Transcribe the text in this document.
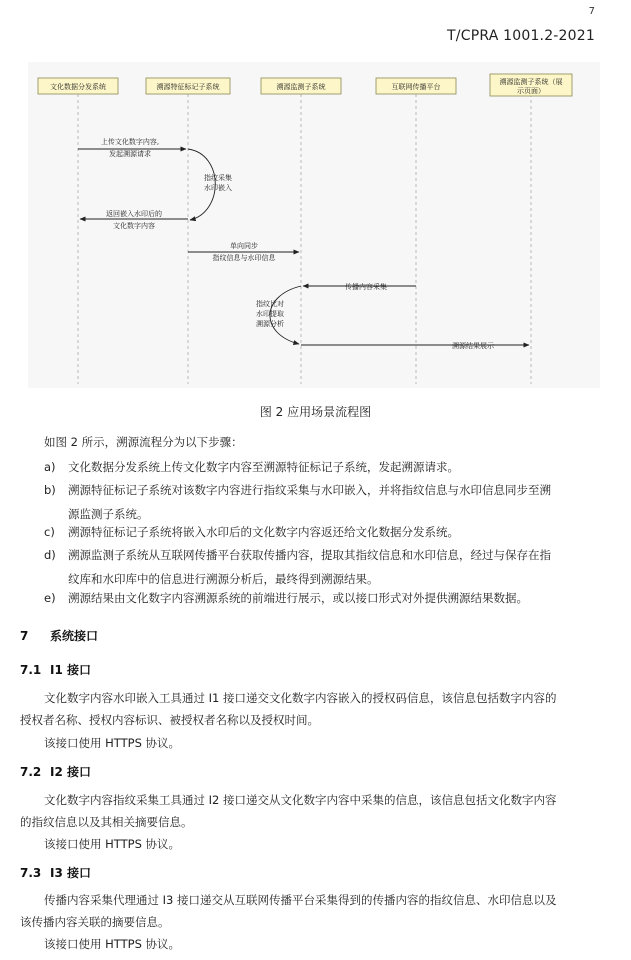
7
T/CPRA 1001.2-2021
文化数据分发系统	溯源特征标记子系统	溯源监测子系统	互联网传播平台
溯源监测子系统（展
示页面）
上传文化数字内容,
发起溯源请求
指纹采集
水印嵌入
返回嵌入水印后的
文化数字内容
单向同步
指纹信息与水印信息
传播内容采集
指纹比对
水印提取
溯源分析
溯源结果展示
图 2 应用场景流程图
如图 2 所示，溯源流程分为以下步骤：
a) 文化数据分发系统上传文化数字内容至溯源特征标记子系统，发起溯源请求。
b) 溯源特征标记子系统对该数字内容进行指纹采集与水印嵌入，并将指纹信息与水印信息同步至溯
源监测子系统。
c) 溯源特征标记子系统将嵌入水印后的文化数字内容返还给文化数据分发系统。
d) 溯源监测子系统从互联网传播平台获取传播内容，提取其指纹信息和水印信息，经过与保存在指
纹库和水印库中的信息进行溯源分析后，最终得到溯源结果。
e) 溯源结果由文化数字内容溯源系统的前端进行展示，或以接口形式对外提供溯源结果数据。
7 系统接口
7.1 I1 接口
文化数字内容水印嵌入工具通过 I1 接口递交文化数字内容嵌入的授权码信息，该信息包括数字内容的
授权者名称、授权内容标识、被授权者名称以及授权时间。
该接口使用 HTTPS 协议。
7.2 I2 接口
文化数字内容指纹采集工具通过 I2 接口递交从文化数字内容中采集的信息，该信息包括文化数字内容
的指纹信息以及其相关摘要信息。
该接口使用 HTTPS 协议。
7.3 I3 接口
传播内容采集代理通过 I3 接口递交从互联网传播平台采集得到的传播内容的指纹信息、水印信息以及
该传播内容关联的摘要信息。
该接口使用 HTTPS 协议。
